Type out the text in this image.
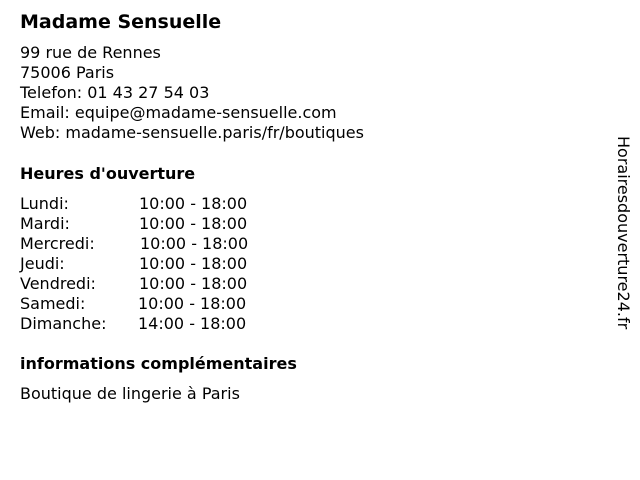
Madame Sensuelle
99 rue de Rennes
75006 Paris
Telefon: 01 43 27 54 03
Email: equipe@madame-sensuelle.com
Web: madame-sensuelle.paris/fr/boutiques
Heures d'ouverture
Lundi:	10:00 - 18:00
Mardi:	10:00 - 18:00
Mercredi:	10:00 - 18:00
Jeudi:	10:00 - 18:00
Vendredi:	10:00 - 18:00
Samedi:	10:00 - 18:00
Dimanche: 14:00 - 18:00
informations complémentaires
Boutique de lingerie à Paris
Horairesdouverture24.fr
